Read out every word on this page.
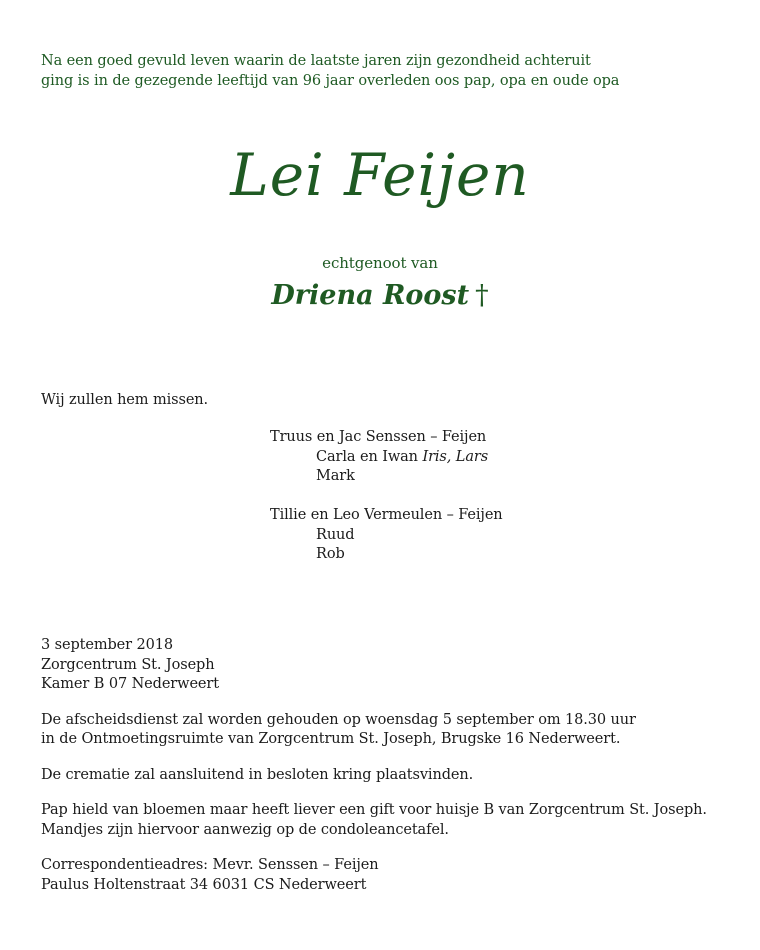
Na een goed gevuld leven waarin de laatste jaren zijn gezondheid achteruit
ging is in de gezegende leeftijd van 96 jaar overleden oos pap, opa en oude opa
Lei Feijen
echtgenoot van
Driena Roost †
Wij zullen hem missen.
Truus en Jac Senssen – Feijen
Carla en Iwan Iris, Lars
Mark
Tillie en Leo Vermeulen – Feijen
Ruud
Rob
3 september 2018
Zorgcentrum St. Joseph
Kamer B 07 Nederweert
De afscheidsdienst zal worden gehouden op woensdag 5 september om 18.30 uur
in de Ontmoetingsruimte van Zorgcentrum St. Joseph, Brugske 16 Nederweert.
De crematie zal aansluitend in besloten kring plaatsvinden.
Pap hield van bloemen maar heeft liever een gift voor huisje B van Zorgcentrum St. Joseph.
Mandjes zijn hiervoor aanwezig op de condoleancetafel.
Correspondentieadres: Mevr. Senssen – Feijen
Paulus Holtenstraat 34 6031 CS Nederweert
